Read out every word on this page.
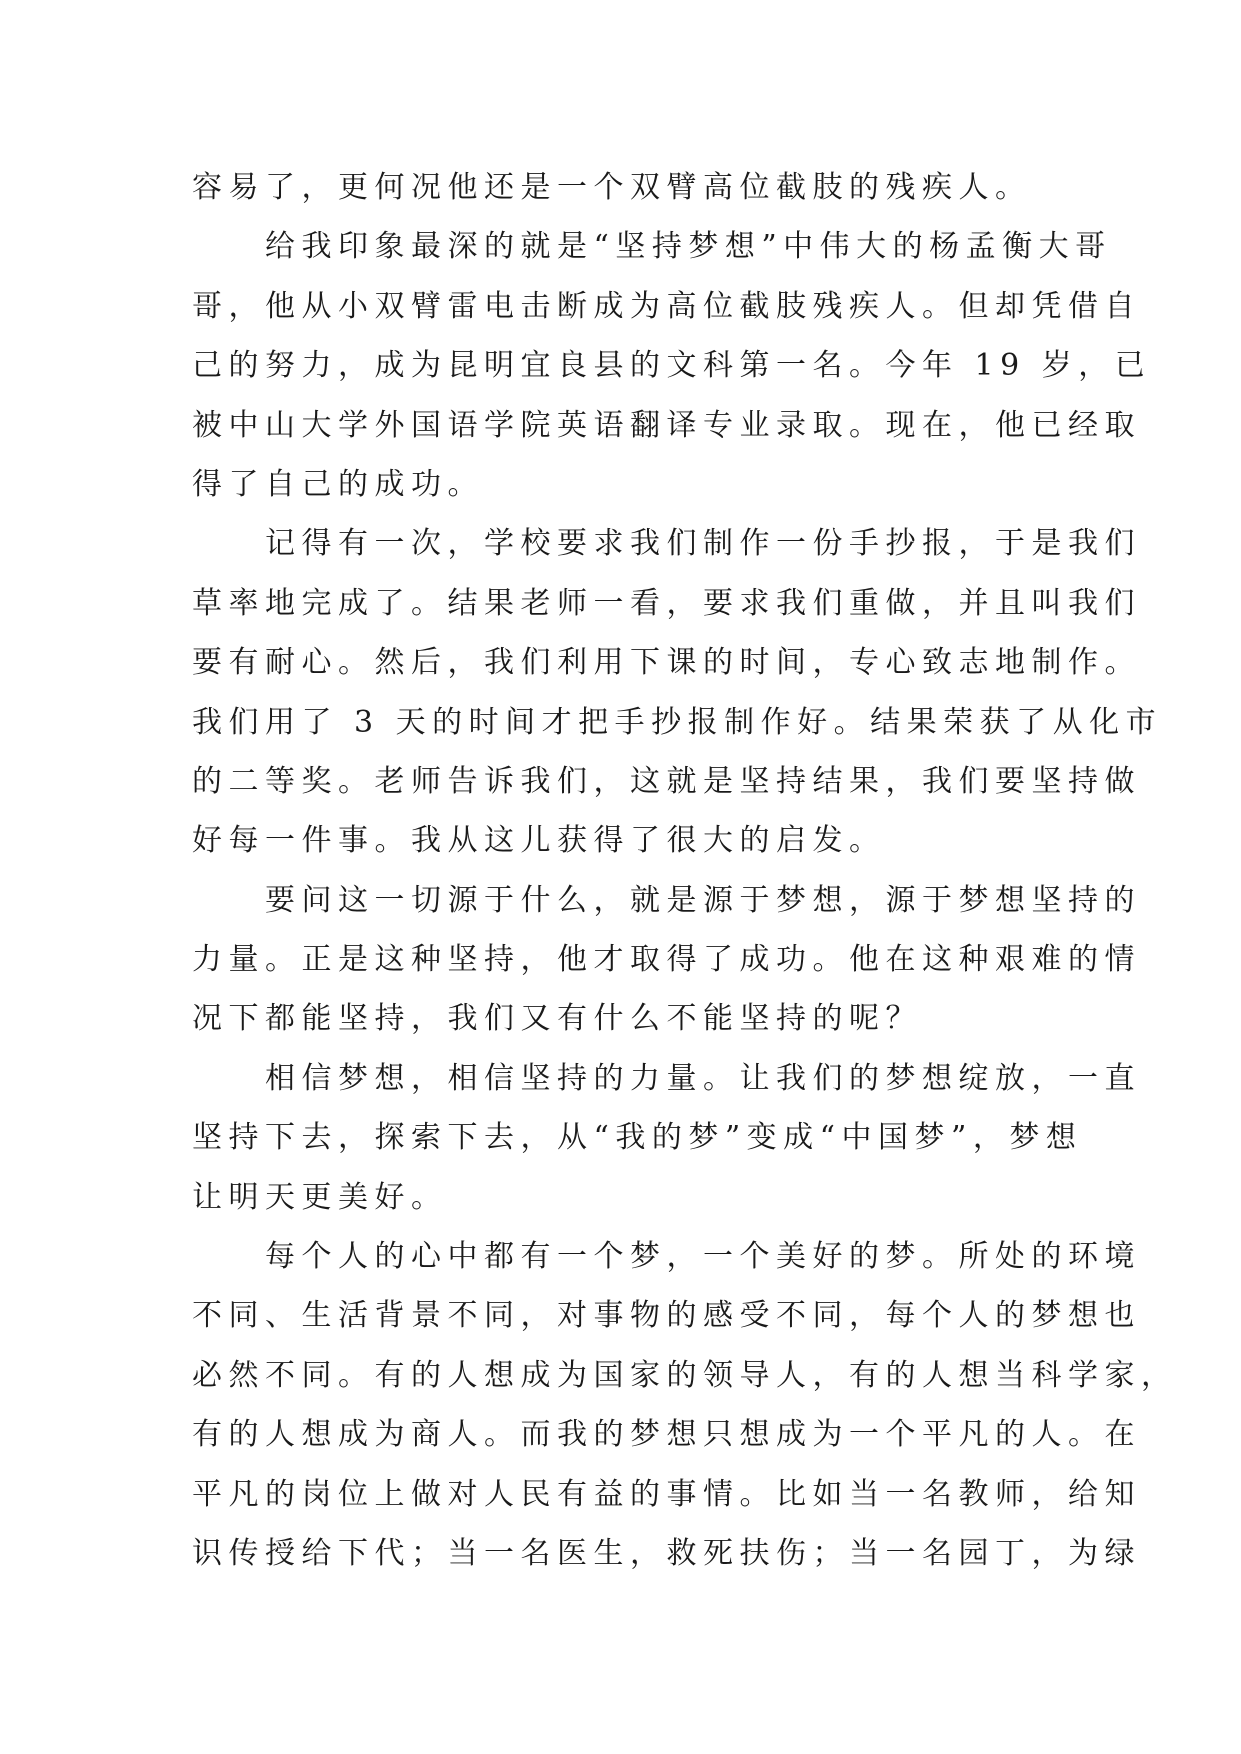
容易了，更何况他还是一个双臂高位截肢的残疾人。
　　给我印象最深的就是“坚持梦想”中伟大的杨孟衡大哥
哥，他从小双臂雷电击断成为高位截肢残疾人。但却凭借自
己的努力，成为昆明宜良县的文科第一名。今年 19 岁，已
被中山大学外国语学院英语翻译专业录取。现在，他已经取
得了自己的成功。
　　记得有一次，学校要求我们制作一份手抄报，于是我们
草率地完成了。结果老师一看，要求我们重做，并且叫我们
要有耐心。然后，我们利用下课的时间，专心致志地制作。
我们用了 3 天的时间才把手抄报制作好。结果荣获了从化市
的二等奖。老师告诉我们，这就是坚持结果，我们要坚持做
好每一件事。我从这儿获得了很大的启发。
　　要问这一切源于什么，就是源于梦想，源于梦想坚持的
力量。正是这种坚持，他才取得了成功。他在这种艰难的情
况下都能坚持，我们又有什么不能坚持的呢？
　　相信梦想，相信坚持的力量。让我们的梦想绽放，一直
坚持下去，探索下去，从“我的梦”变成“中国梦”，梦想
让明天更美好。
　　每个人的心中都有一个梦，一个美好的梦。所处的环境
不同、生活背景不同，对事物的感受不同，每个人的梦想也
必然不同。有的人想成为国家的领导人，有的人想当科学家，
有的人想成为商人。而我的梦想只想成为一个平凡的人。在
平凡的岗位上做对人民有益的事情。比如当一名教师，给知
识传授给下代；当一名医生，救死扶伤；当一名园丁，为绿
